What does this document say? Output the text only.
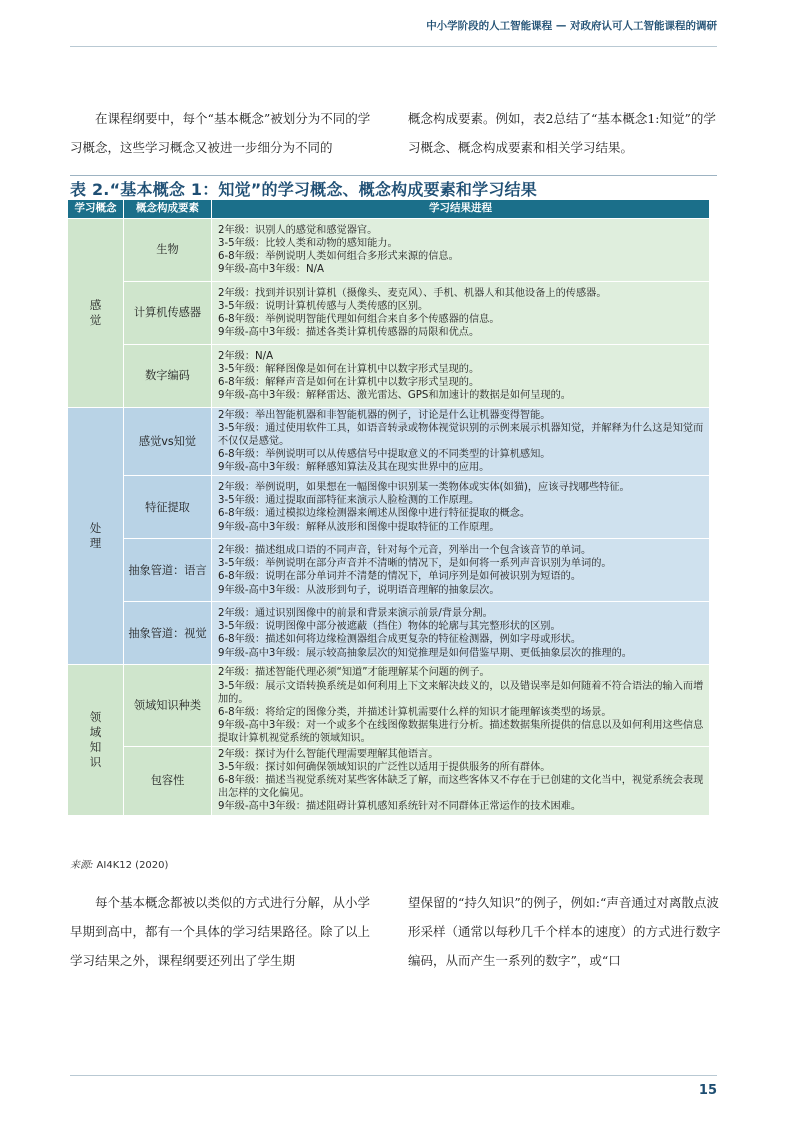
中小学阶段的人工智能课程 — 对政府认可人工智能课程的调研
在课程纲要中，每个“基本概念”被划分为不同的学习概念，这些学习概念又被进一步细分为不同的
概念构成要素。例如，表2总结了“基本概念1:知觉”的学习概念、概念构成要素和相关学习结果。
表 2.“基本概念 1：知觉”的学习概念、概念构成要素和学习结果
学习概念	概念构成要素	学习结果进程
感觉	生物	2年级：识别人的感觉和感觉器官。
3-5年级：比较人类和动物的感知能力。
6-8年级：举例说明人类如何组合多形式来源的信息。
9年级-高中3年级：N/A

	计算机传感器	2年级：找到并识别计算机（摄像头、麦克风）、手机、机器人和其他设备上的传感器。
3-5年级：说明计算机传感与人类传感的区别。
6-8年级：举例说明智能代理如何组合来自多个传感器的信息。
9年级-高中3年级：描述各类计算机传感器的局限和优点。

	数字编码	2年级：N/A
3-5年级：解释图像是如何在计算机中以数字形式呈现的。
6-8年级：解释声音是如何在计算机中以数字形式呈现的。
9年级-高中3年级：解释雷达、激光雷达、GPS和加速计的数据是如何呈现的。

处理	感觉vs知觉	2年级：举出智能机器和非智能机器的例子，讨论是什么让机器变得智能。
3-5年级：通过使用软件工具，如语音转录或物体视觉识别的示例来展示机器知觉，并解释为什么这是知觉而不仅仅是感觉。
6-8年级：举例说明可以从传感信号中提取意义的不同类型的计算机感知。
9年级-高中3年级：解释感知算法及其在现实世界中的应用。

	特征提取	2年级：举例说明，如果想在一幅图像中识别某一类物体或实体(如猫)，应该寻找哪些特征。
3-5年级：通过提取面部特征来演示人脸检测的工作原理。
6-8年级：通过模拟边缘检测器来阐述从图像中进行特征提取的概念。
9年级-高中3年级：解释从波形和图像中提取特征的工作原理。

	抽象管道：语言	2年级：描述组成口语的不同声音，针对每个元音，列举出一个包含该音节的单词。
3-5年级：举例说明在部分声音并不清晰的情况下，是如何将一系列声音识别为单词的。
6-8年级：说明在部分单词并不清楚的情况下，单词序列是如何被识别为短语的。
9年级-高中3年级：从波形到句子，说明语音理解的抽象层次。

	抽象管道：视觉	2年级：通过识别图像中的前景和背景来演示前景/背景分割。
3-5年级：说明图像中部分被遮蔽（挡住）物体的轮廓与其完整形状的区别。
6-8年级：描述如何将边缘检测器组合成更复杂的特征检测器，例如字母或形状。
9年级-高中3年级：展示较高抽象层次的知觉推理是如何借鉴早期、更低抽象层次的推理的。

领域知识	领域知识种类	2年级：描述智能代理必须“知道”才能理解某个问题的例子。
3-5年级：展示文语转换系统是如何利用上下文来解决歧义的，以及错误率是如何随着不符合语法的输入而增加的。
6-8年级：将给定的图像分类，并描述计算机需要什么样的知识才能理解该类型的场景。
9年级-高中3年级：对一个或多个在线图像数据集进行分析。描述数据集所提供的信息以及如何利用这些信息提取计算机视觉系统的领域知识。

	包容性	2年级：探讨为什么智能代理需要理解其他语言。
3-5年级：探讨如何确保领域知识的广泛性以适用于提供服务的所有群体。
6-8年级：描述当视觉系统对某些客体缺乏了解，而这些客体又不存在于已创建的文化当中，视觉系统会表现出怎样的文化偏见。
9年级-高中3年级：描述阻碍计算机感知系统针对不同群体正常运作的技术困难。
来源: AI4K12 (2020)
每个基本概念都被以类似的方式进行分解，从小学早期到高中，都有一个具体的学习结果路径。除了以上学习结果之外，课程纲要还列出了学生期
望保留的“持久知识”的例子，例如:“声音通过对离散点波形采样（通常以每秒几千个样本的速度）的方式进行数字编码，从而产生一系列的数字”，或“口
15
